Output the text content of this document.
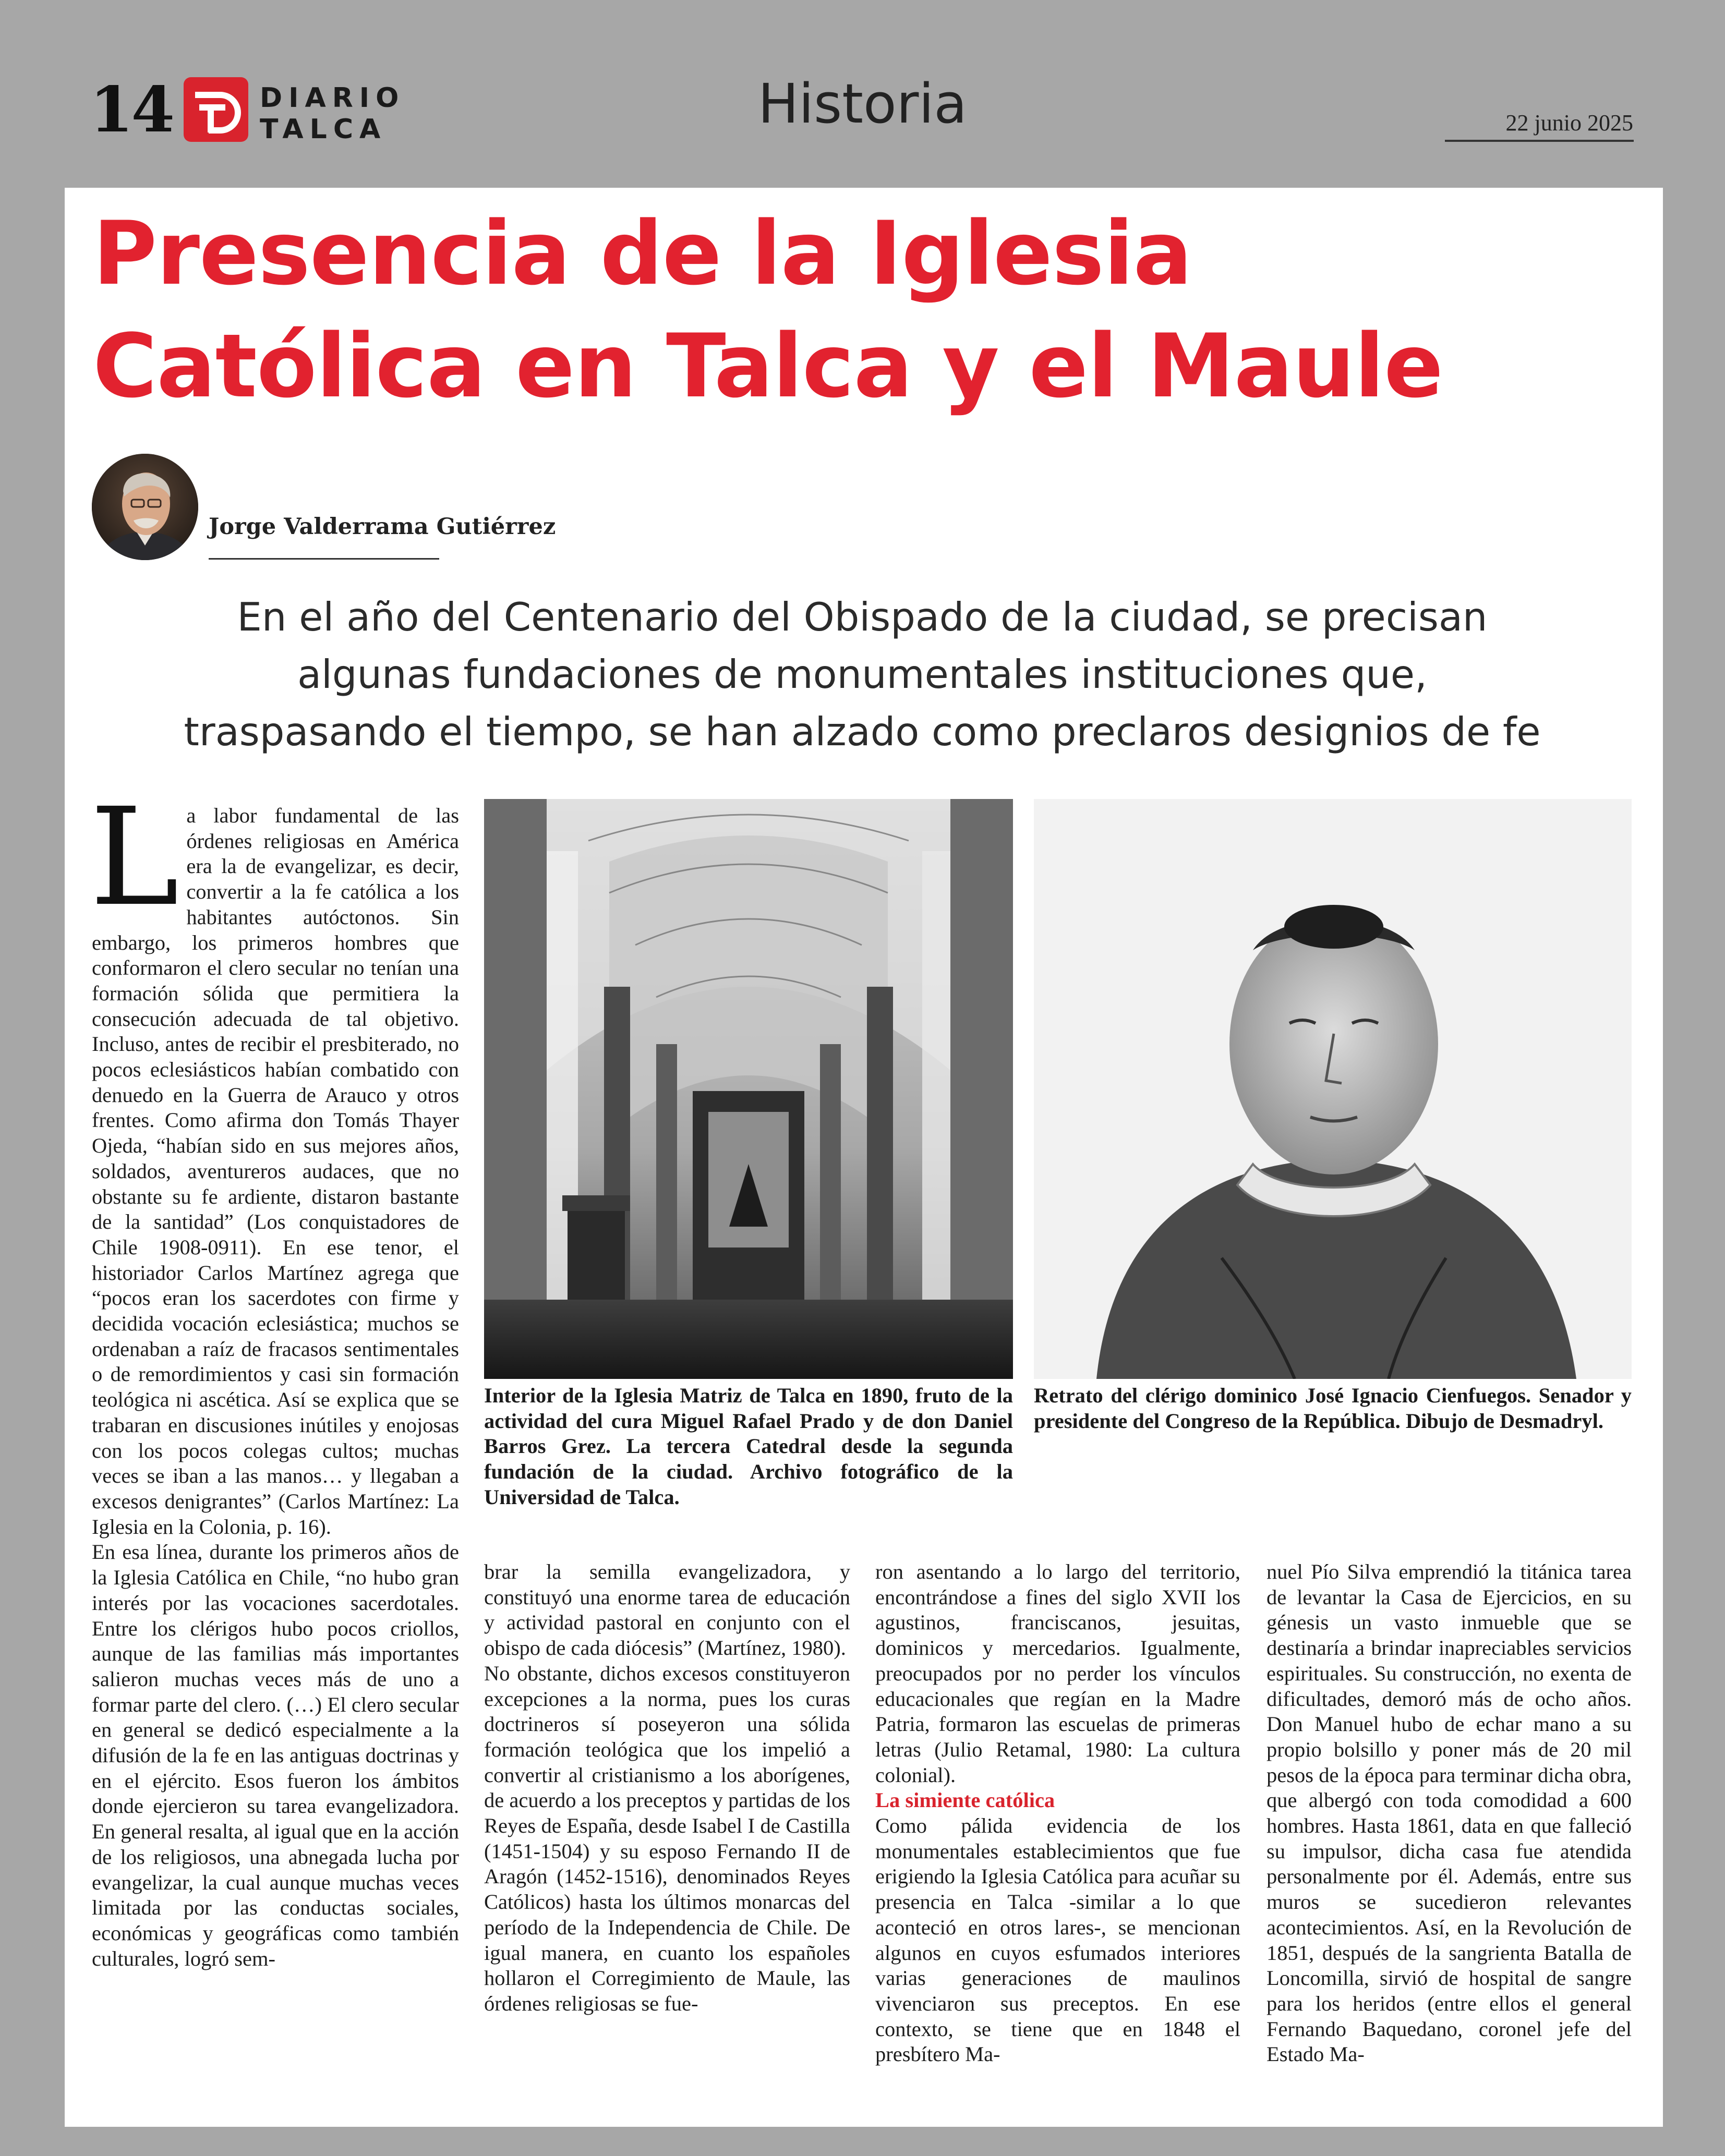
14	DIARIO
TALCA	Historia	22 junio 2025
Presencia de la Iglesia
Católica en Talca y el Maule
Jorge Valderrama Gutiérrez
En el año del Centenario del Obispado de la ciudad, se precisan
algunas fundaciones de monumentales instituciones que,
traspasando el tiempo, se han alzado como preclaros designios de fe

La labor fundamental de las órdenes religiosas en América era la de evangelizar, es decir, convertir a la fe católica a los habitantes autóctonos. Sin embargo, los primeros hombres que conformaron el clero secular no tenían una formación sólida que permitiera la consecución adecuada de tal objetivo. Incluso, antes de recibir el presbiterado, no pocos eclesiásticos habían combatido con denuedo en la Guerra de Arauco y otros frentes. Como afirma don Tomás Thayer Ojeda, “habían sido en sus mejores años, soldados, aventureros audaces, que no obstante su fe ardiente, distaron bastante de la santidad” (Los conquistadores de Chile 1908-0911). En ese tenor, el historiador Carlos Martínez agrega que “pocos eran los sacerdotes con firme y decidida vocación eclesiástica; muchos se ordenaban a raíz de fracasos sentimentales o de remordimientos y casi sin formación teológica ni ascética. Así se explica que se trabaran en discusiones inútiles y enojosas con los pocos colegas cultos; muchas veces se iban a las manos… y llegaban a excesos denigrantes” (Carlos Martínez: La Iglesia en la Colonia, p. 16).

En esa línea, durante los primeros años de la Iglesia Católica en Chile, “no hubo gran interés por las vocaciones sacerdotales. Entre los clérigos hubo pocos criollos, aunque de las familias más importantes salieron muchas veces más de uno a formar parte del clero. (…) El clero secular en general se dedicó especialmente a la difusión de la fe en las antiguas doctrinas y en el ejército. Esos fueron los ámbitos donde ejercieron su tarea evangelizadora. En general resalta, al igual que en la acción de los religiosos, una abnegada lucha por evangelizar, la cual aunque muchas veces limitada por las conductas sociales, económicas y geográficas como también culturales, logró sem-

Interior de la Iglesia Matriz de Talca en 1890, fruto de la actividad del cura Miguel Rafael Prado y de don Daniel Barros Grez. La tercera Catedral desde la segunda fundación de la ciudad. Archivo fotográfico de la Universidad de Talca.
Retrato del clérigo dominico José Ignacio Cienfuegos. Senador y presidente del Congreso de la República. Dibujo de Desmadryl.

brar la semilla evangelizadora, y constituyó una enorme tarea de educación y actividad pastoral en conjunto con el obispo de cada diócesis” (Martínez, 1980).

No obstante, dichos excesos constituyeron excepciones a la norma, pues los curas doctrineros sí poseyeron una sólida formación teológica que los impelió a convertir al cristianismo a los aborígenes, de acuerdo a los preceptos y partidas de los Reyes de España, desde Isabel I de Castilla (1451-1504) y su esposo Fernando II de Aragón (1452-1516), denominados Reyes Católicos) hasta los últimos monarcas del período de la Independencia de Chile. De igual manera, en cuanto los españoles hollaron el Corregimiento de Maule, las órdenes religiosas se fue-

ron asentando a lo largo del territorio, encontrándose a fines del siglo XVII los agustinos, franciscanos, jesuitas, dominicos y mercedarios. Igualmente, preocupados por no perder los vínculos educacionales que regían en la Madre Patria, formaron las escuelas de primeras letras (Julio Retamal, 1980: La cultura colonial).

La simiente católica

Como pálida evidencia de los monumentales establecimientos que fue erigiendo la Iglesia Católica para acuñar su presencia en Talca -similar a lo que aconteció en otros lares-, se mencionan algunos en cuyos esfumados interiores varias generaciones de maulinos vivenciaron sus preceptos. En ese contexto, se tiene que en 1848 el presbítero Ma-

nuel Pío Silva emprendió la titánica tarea de levantar la Casa de Ejercicios, en su génesis un vasto inmueble que se destinaría a brindar inapreciables servicios espirituales. Su construcción, no exenta de dificultades, demoró más de ocho años. Don Manuel hubo de echar mano a su propio bolsillo y poner más de 20 mil pesos de la época para terminar dicha obra, que albergó con toda comodidad a 600 hombres. Hasta 1861, data en que falleció su impulsor, dicha casa fue atendida personalmente por él. Además, entre sus muros se sucedieron relevantes acontecimientos. Así, en la Revolución de 1851, después de la sangrienta Batalla de Loncomilla, sirvió de hospital de sangre para los heridos (entre ellos el general Fernando Baquedano, coronel jefe del Estado Ma-
